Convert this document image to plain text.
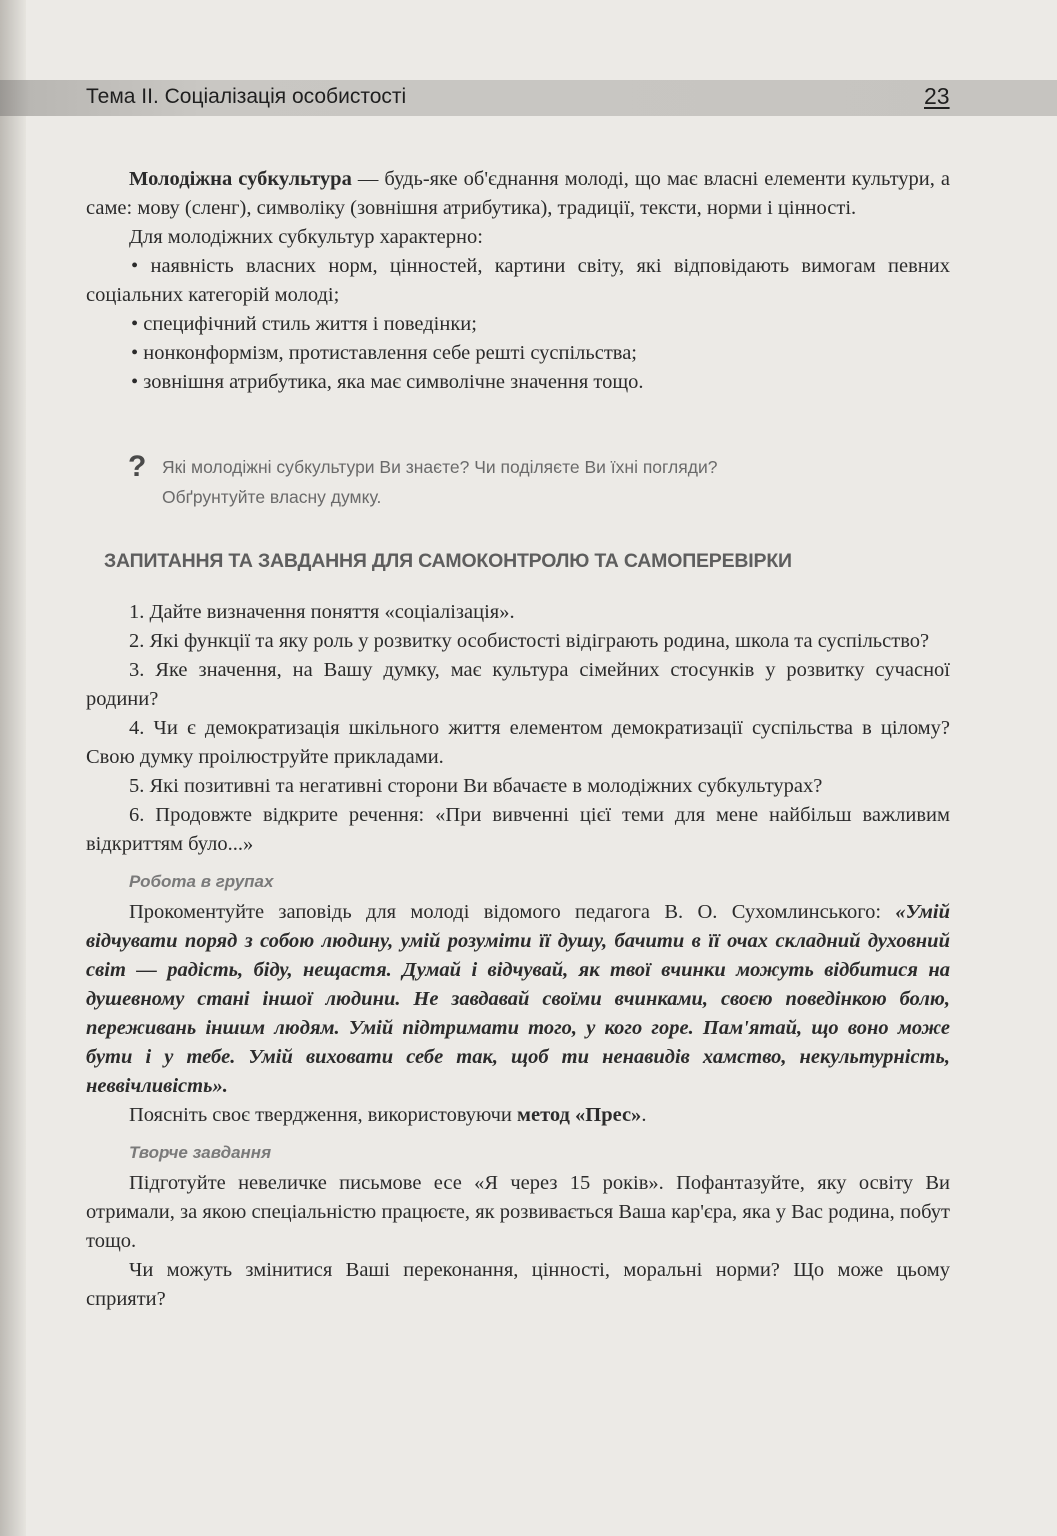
Тема ІІ. Соціалізація особистості	23

Молодіжна субкультура — будь-яке об'єднання молоді, що має власні елементи культури, а саме: мову (сленг), символіку (зовнішня атрибутика), традиції, тексти, норми і цінності.

Для молодіжних субкультур характерно:

• наявність власних норм, цінностей, картини світу, які відповідають вимогам певних соціальних категорій молоді;

• специфічний стиль життя і поведінки;

• нонконформізм, протиставлення себе решті суспільства;

• зовнішня атрибутика, яка має символічне значення тощо.

? Які молодіжні субкультури Ви знаєте? Чи поділяєте Ви їхні погляди?
Обґрунтуйте власну думку.
ЗАПИТАННЯ ТА ЗАВДАННЯ ДЛЯ САМОКОНТРОЛЮ ТА САМОПЕРЕВІРКИ

1. Дайте визначення поняття «соціалізація».

2. Які функції та яку роль у розвитку особистості відіграють родина, школа та суспільство?

3. Яке значення, на Вашу думку, має культура сімейних стосунків у розвитку сучасної родини?

4. Чи є демократизація шкільного життя елементом демократизації суспільства в цілому? Свою думку проілюструйте прикладами.

5. Які позитивні та негативні сторони Ви вбачаєте в молодіжних субкультурах?

6. Продовжте відкрите речення: «При вивченні цієї теми для мене найбільш важливим відкриттям було...»

Робота в групах

Прокоментуйте заповідь для молоді відомого педагога В. О. Сухомлинського: «Умій відчувати поряд з собою людину, умій розуміти її душу, бачити в її очах складний духовний світ — радість, біду, нещастя. Думай і відчувай, як твої вчинки можуть відбитися на душевному стані іншої людини. Не завдавай своїми вчинками, своєю поведінкою болю, переживань іншим людям. Умій підтримати того, у кого горе. Пам'ятай, що воно може бути і у тебе. Умій виховати себе так, щоб ти ненавидів хамство, некультурність, неввічливість».

Поясніть своє твердження, використовуючи метод «Прес».

Творче завдання

Підготуйте невеличке письмове есе «Я через 15 років». Пофантазуйте, яку освіту Ви отримали, за якою спеціальністю працюєте, як розвивається Ваша кар'єра, яка у Вас родина, побут тощо.

Чи можуть змінитися Ваші переконання, цінності, моральні норми? Що може цьому сприяти?
